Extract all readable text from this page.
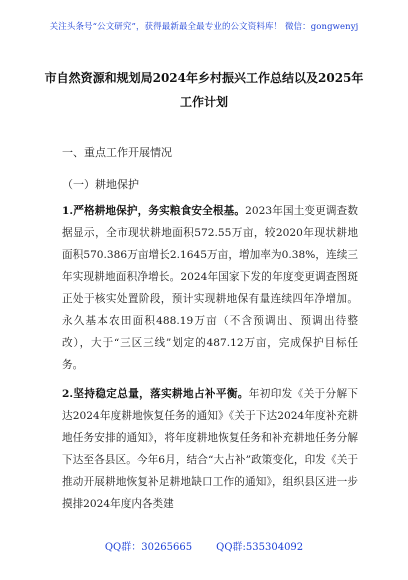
关注头条号“公文研究”，获得最新最全最专业的公文资料库！ 微信：gongwenyj
市自然资源和规划局2024年乡村振兴工作总结以及2025年工作计划
一、重点工作开展情况
（一）耕地保护
1.严格耕地保护，务实粮食安全根基。2023年国土变更调查数据显示，全市现状耕地面积572.55万亩，较2020年现状耕地面积570.386万亩增长2.1645万亩，增加率为0.38%，连续三年实现耕地面积净增长。2024年国家下发的年度变更调查图斑正处于核实处置阶段，预计实现耕地保有量连续四年净增加。永久基本农田面积488.19万亩（不含预调出、预调出待整改），大于“三区三线”划定的487.12万亩，完成保护目标任务。
2.坚持稳定总量，落实耕地占补平衡。年初印发《关于分解下达2024年度耕地恢复任务的通知》《关于下达2024年度补充耕地任务安排的通知》，将年度耕地恢复任务和补充耕地任务分解下达至各县区。今年6月，结合“大占补”政策变化，印发《关于推动开展耕地恢复补足耕地缺口工作的通知》，组织县区进一步摸排2024年度内各类建
QQ群：30265665 QQ群:535304092
